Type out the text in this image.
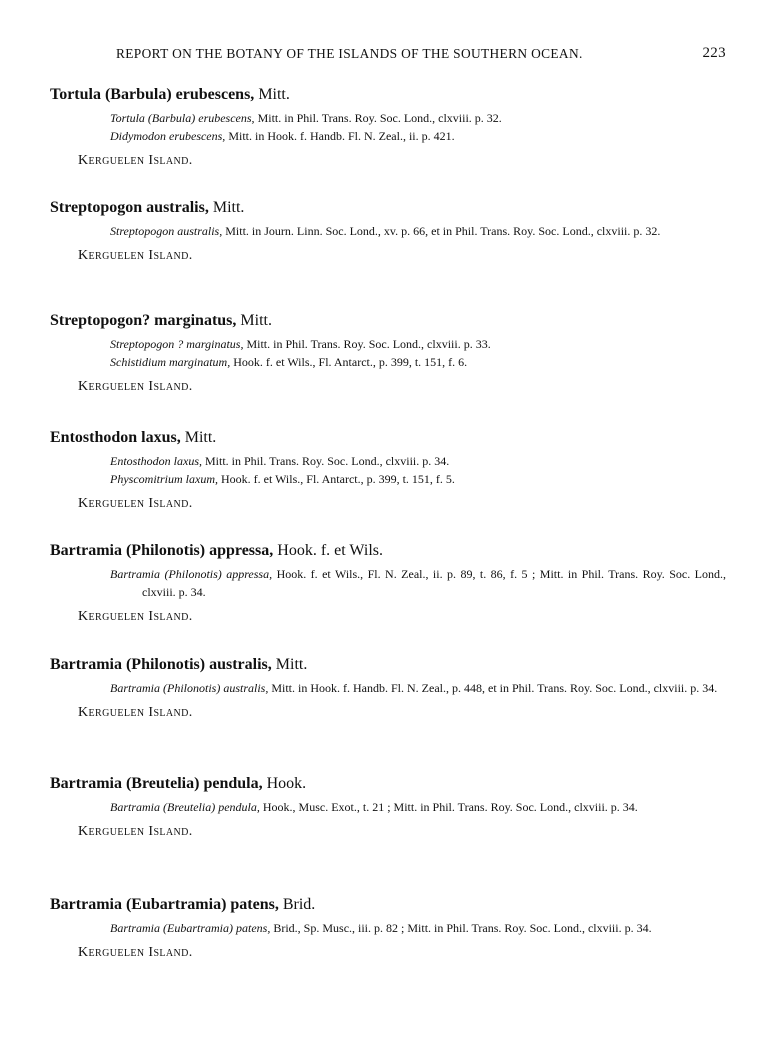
REPORT ON THE BOTANY OF THE ISLANDS OF THE SOUTHERN OCEAN.	223
Tortula (Barbula) erubescens, Mitt.
Tortula (Barbula) erubescens, Mitt. in Phil. Trans. Roy. Soc. Lond., clxviii. p. 32.
Didymodon erubescens, Mitt. in Hook. f. Handb. Fl. N. Zeal., ii. p. 421.
Kerguelen Island.
Streptopogon australis, Mitt.
Streptopogon australis, Mitt. in Journ. Linn. Soc. Lond., xv. p. 66, et in Phil. Trans. Roy. Soc. Lond., clxviii. p. 32.
Kerguelen Island.
Streptopogon? marginatus, Mitt.
Streptopogon ? marginatus, Mitt. in Phil. Trans. Roy. Soc. Lond., clxviii. p. 33.
Schistidium marginatum, Hook. f. et Wils., Fl. Antarct., p. 399, t. 151, f. 6.
Kerguelen Island.
Entosthodon laxus, Mitt.
Entosthodon laxus, Mitt. in Phil. Trans. Roy. Soc. Lond., clxviii. p. 34.
Physcomitrium laxum, Hook. f. et Wils., Fl. Antarct., p. 399, t. 151, f. 5.
Kerguelen Island.
Bartramia (Philonotis) appressa, Hook. f. et Wils.
Bartramia (Philonotis) appressa, Hook. f. et Wils., Fl. N. Zeal., ii. p. 89, t. 86, f. 5 ; Mitt. in Phil. Trans. Roy. Soc. Lond., clxviii. p. 34.
Kerguelen Island.
Bartramia (Philonotis) australis, Mitt.
Bartramia (Philonotis) australis, Mitt. in Hook. f. Handb. Fl. N. Zeal., p. 448, et in Phil. Trans. Roy. Soc. Lond., clxviii. p. 34.
Kerguelen Island.
Bartramia (Breutelia) pendula, Hook.
Bartramia (Breutelia) pendula, Hook., Musc. Exot., t. 21 ; Mitt. in Phil. Trans. Roy. Soc. Lond., clxviii. p. 34.
Kerguelen Island.
Bartramia (Eubartramia) patens, Brid.
Bartramia (Eubartramia) patens, Brid., Sp. Musc., iii. p. 82 ; Mitt. in Phil. Trans. Roy. Soc. Lond., clxviii. p. 34.
Kerguelen Island.
